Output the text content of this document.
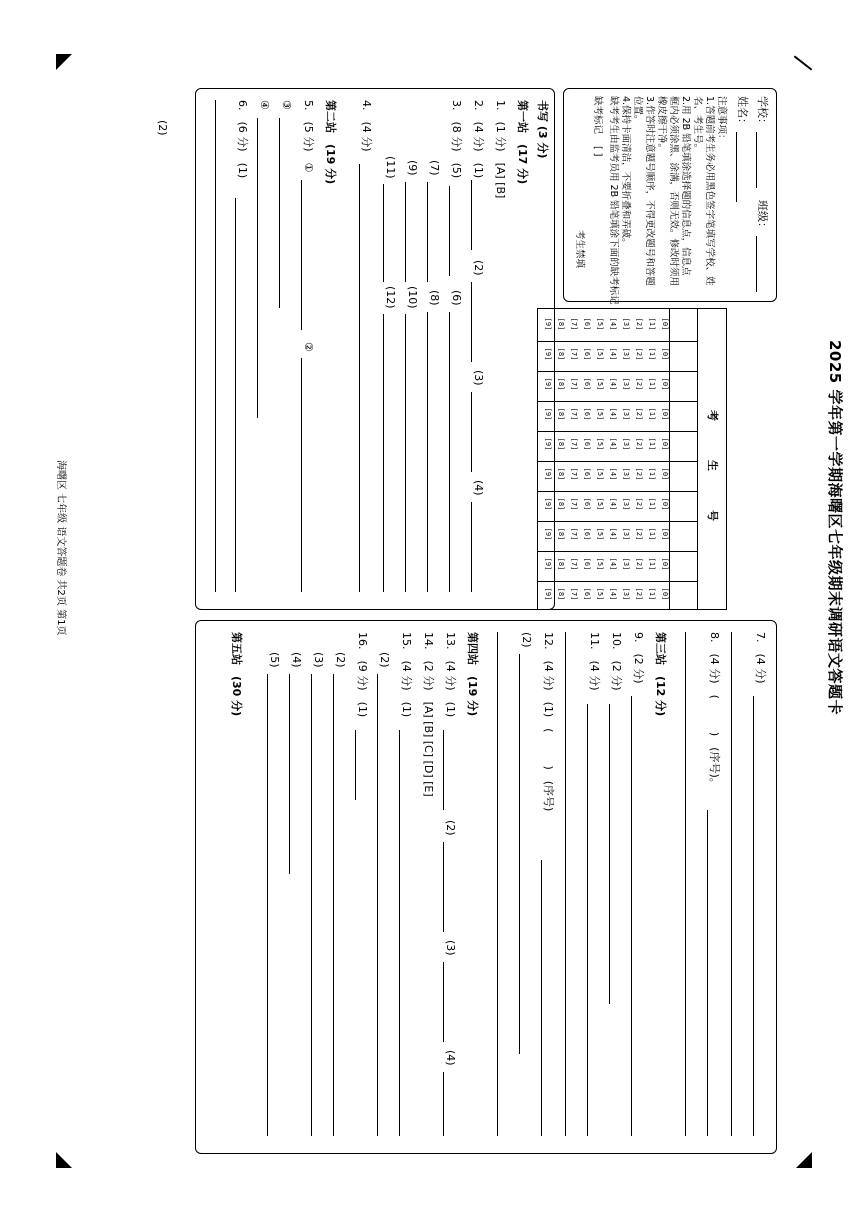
2025 学年第一学期海曙区七年级期末调研语文答题卡
学校：
班级：
姓名：
注意事项：
1.答题前考生务必用黑色签字笔填写学校、姓
名、考生号。
2.用 2B 铅笔填涂选择题的信息点，信息点
框内必须涂黑、涂满，否则无效。修改时须用
橡皮擦干净。
3.作答时注意题号顺序，不得更改题号和答题
位置。
4.保持卡面清洁，不要折叠和弄破。
缺考考生由监考员用 2B 铅笔填涂下面的缺考标记
缺考标记
[ ]
考生禁填
考
生
号
[0]
[1]
[2]
[3]
[4]
[5]
[6]
[7]
[8]
[9]
[0]
[1]
[2]
[3]
[4]
[5]
[6]
[7]
[8]
[9]
[0]
[1]
[2]
[3]
[4]
[5]
[6]
[7]
[8]
[9]
[0]
[1]
[2]
[3]
[4]
[5]
[6]
[7]
[8]
[9]
[0]
[1]
[2]
[3]
[4]
[5]
[6]
[7]
[8]
[9]
[0]
[1]
[2]
[3]
[4]
[5]
[6]
[7]
[8]
[9]
[0]
[1]
[2]
[3]
[4]
[5]
[6]
[7]
[8]
[9]
[0]
[1]
[2]
[3]
[4]
[5]
[6]
[7]
[8]
[9]
[0]
[1]
[2]
[3]
[4]
[5]
[6]
[7]
[8]
[9]
[0]
[1]
[2]
[3]
[4]
[5]
[6]
[7]
[8]
[9]
书写 (3 分)
第一站　(17 分)
1.　(1 分)　[A] [B]
2.　(4 分)　(1)
(2)
(3)
(4)
3.　(8 分)　(5)
(6)
(7)
(8)
(9)
(10)
(11)
(12)
4.　(4 分)
第二站　(19 分)
5.　(5 分)　①
②
③
④
6.　(6 分)　(1)
(2)
7.　(4 分)
8.　(4 分)　(　　　)　(序号)。
第三站　(12 分)
9.　(2 分)
10.　(2 分)
11.　(4 分)
12.　(4 分)　(1)　(　　　)　(序号)
(2)
第四站　(19 分)
13.　(4 分)　(1)
(2)
(3)
(4)
14.　(2 分)　[A] [B] [C] [D] [E]
15.　(4 分)　(1)
(2)
16.　(9 分)　(1)
(2)
(3)
(4)
(5)
第五站　(30 分)
海曙区 七年级 语文答题卷 共2页 第1页
